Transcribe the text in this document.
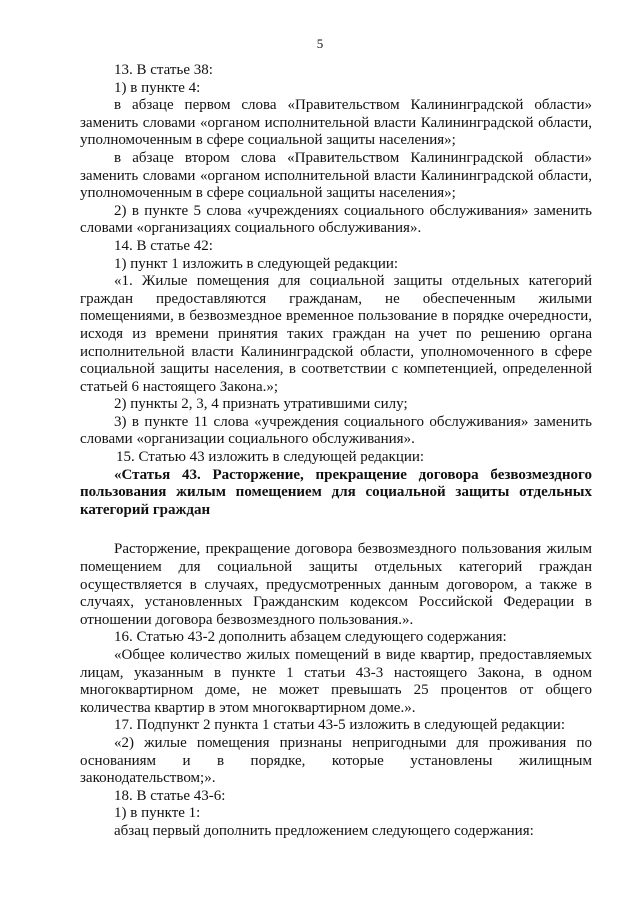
5

13. В статье 38:

1) в пункте 4:

в абзаце первом слова «Правительством Калининградской области» заменить словами «органом исполнительной власти Калининградской области, уполномоченным в сфере социальной защиты населения»;

в абзаце втором слова «Правительством Калининградской области» заменить словами «органом исполнительной власти Калининградской области, уполномоченным в сфере социальной защиты населения»;

2) в пункте 5 слова «учреждениях социального обслуживания» заменить словами «организациях социального обслуживания».

14. В статье 42:

1) пункт 1 изложить в следующей редакции:

«1. Жилые помещения для социальной защиты отдельных категорий граждан предоставляются гражданам, не обеспеченным жилыми помещениями, в безвозмездное временное пользование в порядке очередности, исходя из времени принятия таких граждан на учет по решению органа исполнительной власти Калининградской области, уполномоченного в сфере социальной защиты населения, в соответствии с компетенцией, определенной статьей 6 настоящего Закона.»;

2) пункты 2, 3, 4 признать утратившими силу;

3) в пункте 11 слова «учреждения социального обслуживания» заменить словами «организации социального обслуживания».

15. Статью 43 изложить в следующей редакции:

«Статья 43. Расторжение, прекращение договора безвозмездного пользования жилым помещением для социальной защиты отдельных категорий граждан

Расторжение, прекращение договора безвозмездного пользования жилым помещением для социальной защиты отдельных категорий граждан осуществляется в случаях, предусмотренных данным договором, а также в случаях, установленных Гражданским кодексом Российской Федерации в отношении договора безвозмездного пользования.».

16. Статью 43-2 дополнить абзацем следующего содержания:

«Общее количество жилых помещений в виде квартир, предоставляемых лицам, указанным в пункте 1 статьи 43-3 настоящего Закона, в одном многоквартирном доме, не может превышать 25 процентов от общего количества квартир в этом многоквартирном доме.».

17. Подпункт 2 пункта 1 статьи 43-5 изложить в следующей редакции:

«2) жилые помещения признаны непригодными для проживания по основаниям и в порядке, которые установлены жилищным законодательством;».

18. В статье 43-6:

1) в пункте 1:

абзац первый дополнить предложением следующего содержания:
